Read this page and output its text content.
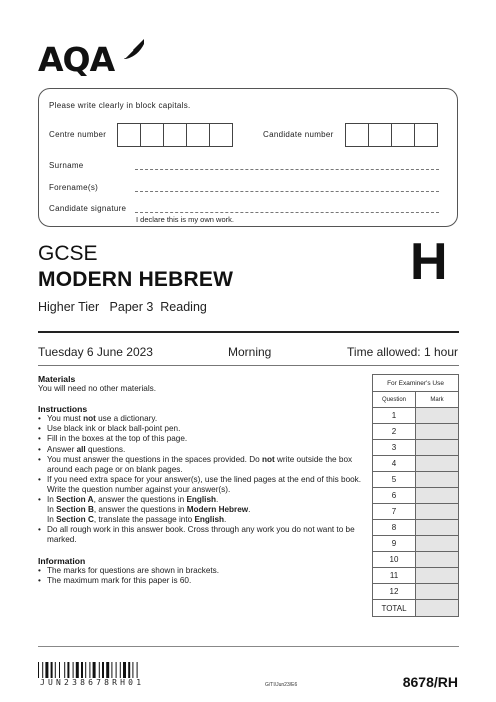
AQA
Please write clearly in block capitals.
Centre number	Candidate number
Surname
Forename(s)
Candidate signature
I declare this is my own work.
GCSE
MODERN HEBREW	H
Higher Tier   Paper 3  Reading
Tuesday 6 June 2023	Morning	Time allowed: 1 hour
Materials
You will need no other materials.
Instructions
• You must not use a dictionary.
• Use black ink or black ball-point pen.
• Fill in the boxes at the top of this page.
• Answer all questions.
• You must answer the questions in the spaces provided. Do not write outside the box around each page or on blank pages.
• If you need extra space for your answer(s), use the lined pages at the end of this book. Write the question number against your answer(s).
• In Section A, answer the questions in English.
In Section B, answer the questions in Modern Hebrew.
In Section C, translate the passage into English.
• Do all rough work in this answer book. Cross through any work you do not want to be marked.
Information
• The marks for questions are shown in brackets.
• The maximum mark for this paper is 60.
For Examiner's Use	
Question	Mark
1	
2	
3	
4	
5	
6	
7	
8	
9	
10	
11	
12	
TOTAL	
JUN238678RH01	G/TI/Jun23/E6	8678/RH
